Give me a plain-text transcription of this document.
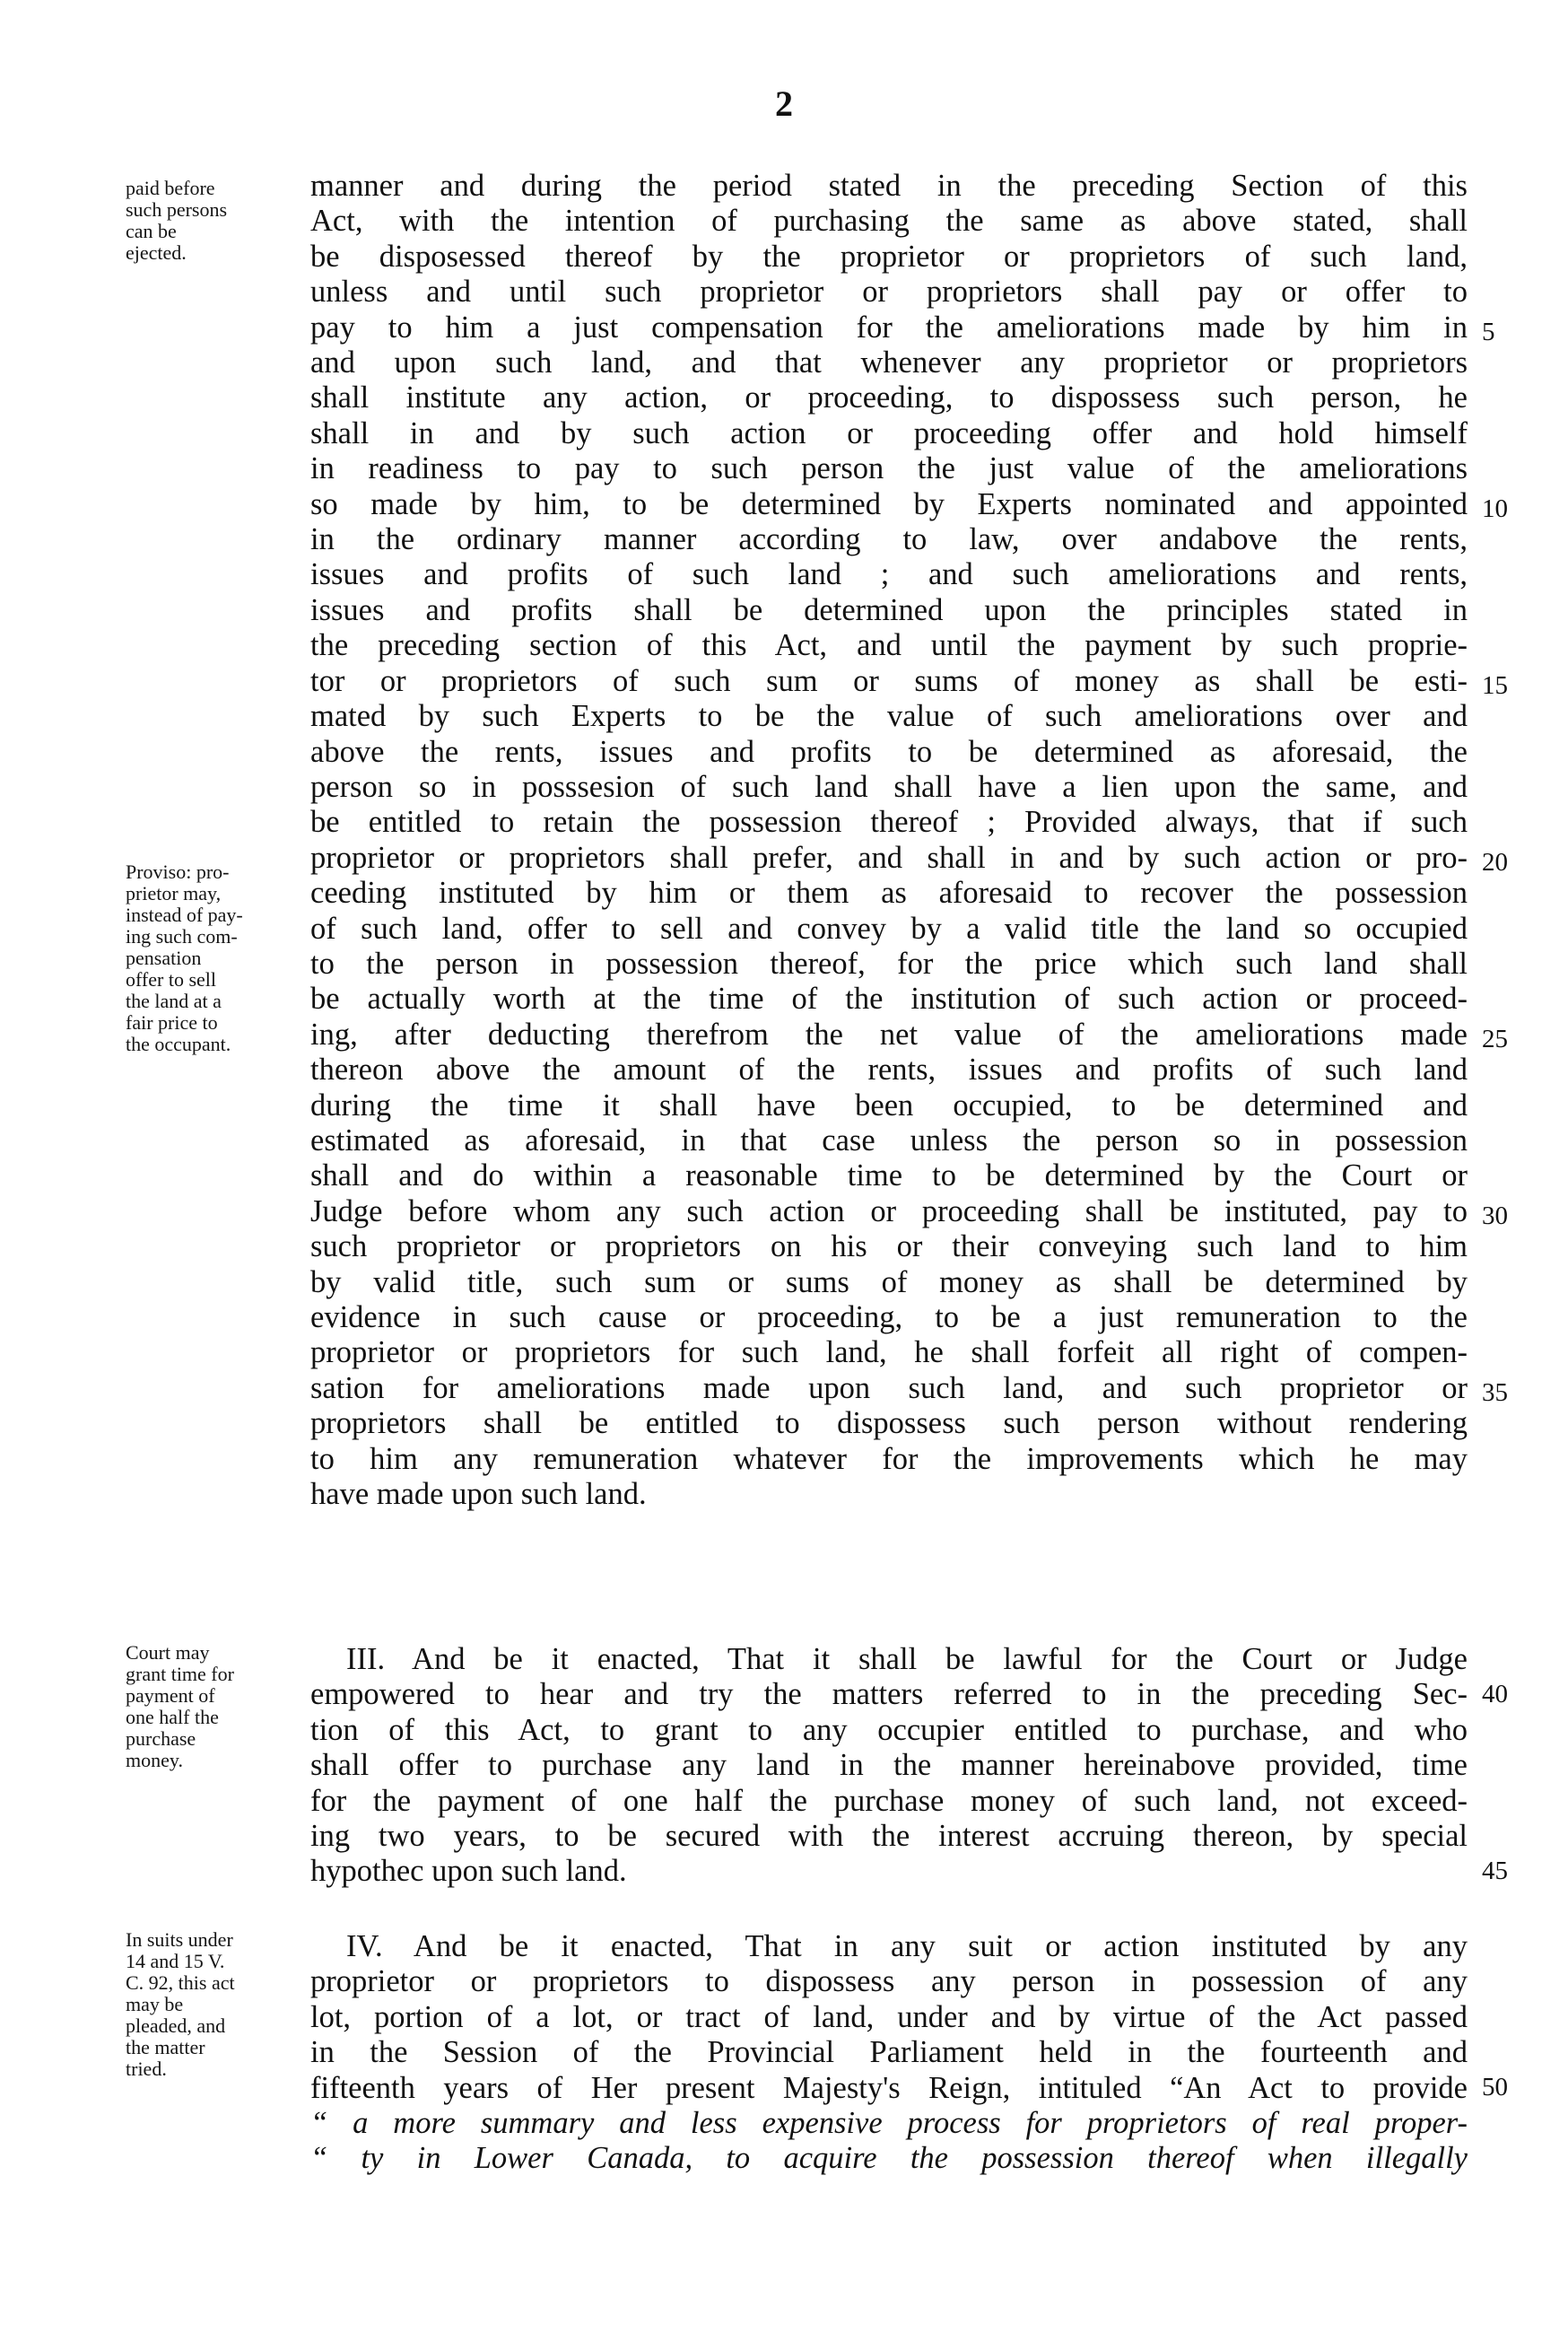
2
paid before
such persons
can be
ejected.
Proviso: pro-
prietor may,
instead of pay-
ing such com-
pensation
offer to sell
the land at a
fair price to
the occupant.
Court may
grant time for
payment of
one half the
purchase
money.
In suits under
14 and 15 V.
C. 92, this act
may be
pleaded, and
the matter
tried.
manner and during the period stated in the preceding Section of this
Act, with the intention of purchasing the same as above stated, shall
be disposessed thereof by the proprietor or proprietors of such land,
unless and until such proprietor or proprietors shall pay or offer to
pay to him a just compensation for the ameliorations made by him in
and upon such land, and that whenever any proprietor or proprietors
shall institute any action, or proceeding, to dispossess such person, he
shall in and by such action or proceeding offer and hold himself
in readiness to pay to such person the just value of the ameliorations
so made by him, to be determined by Experts nominated and appointed
in the ordinary manner according to law, over andabove the rents,
issues and profits of such land ; and such ameliorations and rents,
issues and profits shall be determined upon the principles stated in
the preceding section of this Act, and until the payment by such proprie-
tor or proprietors of such sum or sums of money as shall be esti-
mated by such Experts to be the value of such ameliorations over and
above the rents, issues and profits to be determined as aforesaid, the
person so in posssesion of such land shall have a lien upon the same, and
be entitled to retain the possession thereof ; Provided always, that if such
proprietor or proprietors shall prefer, and shall in and by such action or pro-
ceeding instituted by him or them as aforesaid to recover the possession
of such land, offer to sell and convey by a valid title the land so occupied
to the person in possession thereof, for the price which such land shall
be actually worth at the time of the institution of such action or proceed-
ing, after deducting therefrom the net value of the ameliorations made
thereon above the amount of the rents, issues and profits of such land
during the time it shall have been occupied, to be determined and
estimated as aforesaid, in that case unless the person so in possession
shall and do within a reasonable time to be determined by the Court or
Judge before whom any such action or proceeding shall be instituted, pay to
such proprietor or proprietors on his or their conveying such land to him
by valid title, such sum or sums of money as shall be determined by
evidence in such cause or proceeding, to be a just remuneration to the
proprietor or proprietors for such land, he shall forfeit all right of compen-
sation for ameliorations made upon such land, and such proprietor or
proprietors shall be entitled to dispossess such person without rendering
to him any remuneration whatever for the improvements which he may
have made upon such land.
III. And be it enacted, That it shall be lawful for the Court or Judge
empowered to hear and try the matters referred to in the preceding Sec-
tion of this Act, to grant to any occupier entitled to purchase, and who
shall offer to purchase any land in the manner hereinabove provided, time
for the payment of one half the purchase money of such land, not exceed-
ing two years, to be secured with the interest accruing thereon, by special
hypothec upon such land.
IV. And be it enacted, That in any suit or action instituted by any
proprietor or proprietors to dispossess any person in possession of any
lot, portion of a lot, or tract of land, under and by virtue of the Act passed
in the Session of the Provincial Parliament held in the fourteenth and
fifteenth years of Her present Majesty's Reign, intituled “An Act to provide
“ a more summary and less expensive process for proprietors of real proper-
“ ty in Lower Canada, to acquire the possession thereof when illegally
5
10
15
20
25
30
35
40
45
50
